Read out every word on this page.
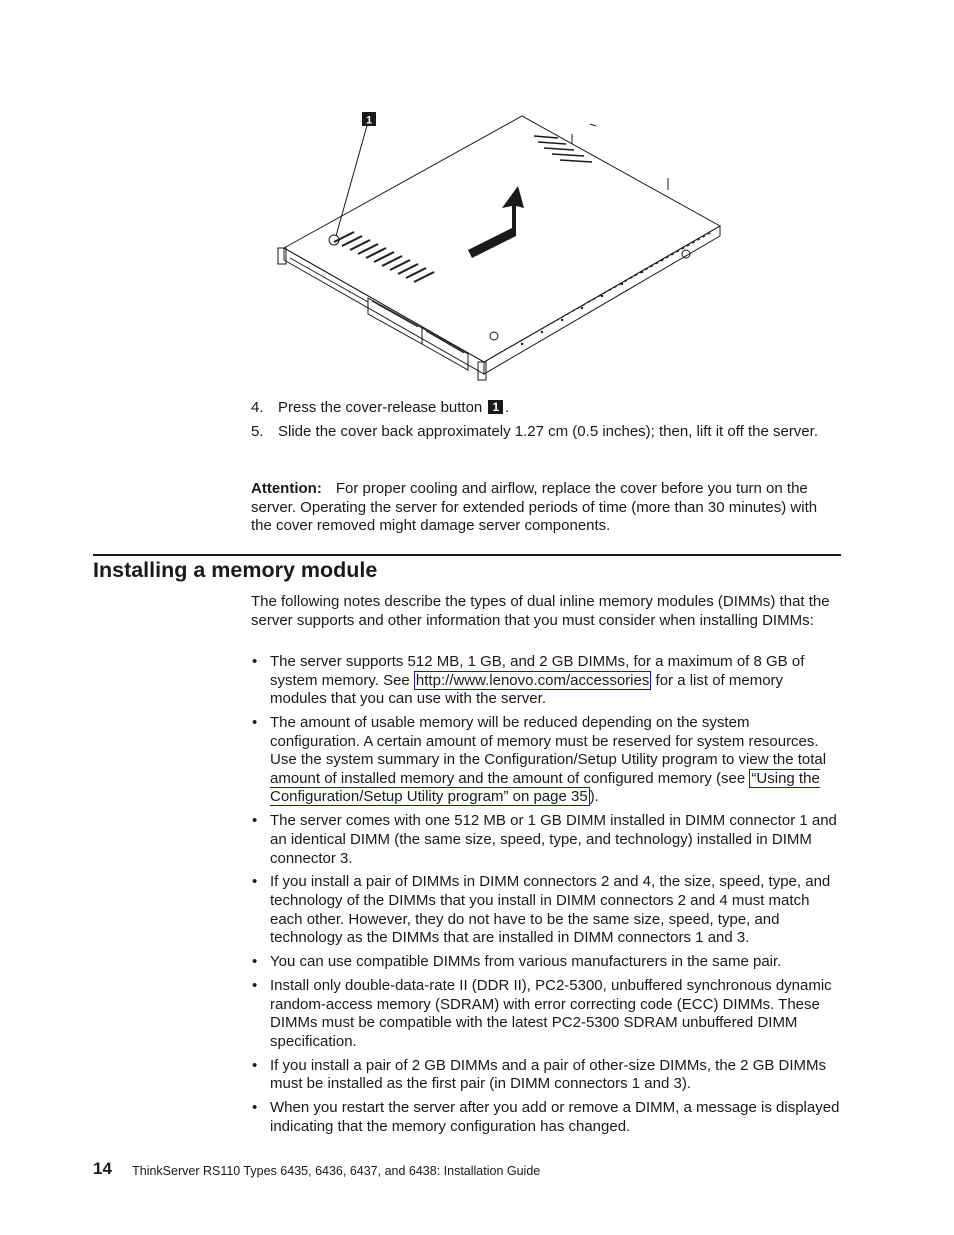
1
4. Press the cover-release button 1 .
5. Slide the cover back approximately 1.27 cm (0.5 inches); then, lift it off the server.

Attention: For proper cooling and airflow, replace the cover before you turn on the server. Operating the server for extended periods of time (more than 30 minutes) with the cover removed might damage server components.

Installing a memory module

The following notes describe the types of dual inline memory modules (DIMMs) that the server supports and other information that you must consider when installing DIMMs:

• The server supports 512 MB, 1 GB, and 2 GB DIMMs, for a maximum of 8 GB of system memory. See http://www.lenovo.com/accessories for a list of memory modules that you can use with the server.
• The amount of usable memory will be reduced depending on the system configuration. A certain amount of memory must be reserved for system resources. Use the system summary in the Configuration/Setup Utility program to view the total amount of installed memory and the amount of configured memory (see “Using the Configuration/Setup Utility program” on page 35 ).
• The server comes with one 512 MB or 1 GB DIMM installed in DIMM connector 1 and an identical DIMM (the same size, speed, type, and technology) installed in DIMM connector 3.
• If you install a pair of DIMMs in DIMM connectors 2 and 4, the size, speed, type, and technology of the DIMMs that you install in DIMM connectors 2 and 4 must match each other. However, they do not have to be the same size, speed, type, and technology as the DIMMs that are installed in DIMM connectors 1 and 3.
• You can use compatible DIMMs from various manufacturers in the same pair.
• Install only double-data-rate II (DDR II), PC2-5300, unbuffered synchronous dynamic random-access memory (SDRAM) with error correcting code (ECC) DIMMs. These DIMMs must be compatible with the latest PC2-5300 SDRAM unbuffered DIMM specification.
• If you install a pair of 2 GB DIMMs and a pair of other-size DIMMs, the 2 GB DIMMs must be installed as the first pair (in DIMM connectors 1 and 3).
• When you restart the server after you add or remove a DIMM, a message is displayed indicating that the memory configuration has changed.
14 ThinkServer RS110 Types 6435, 6436, 6437, and 6438: Installation Guide
